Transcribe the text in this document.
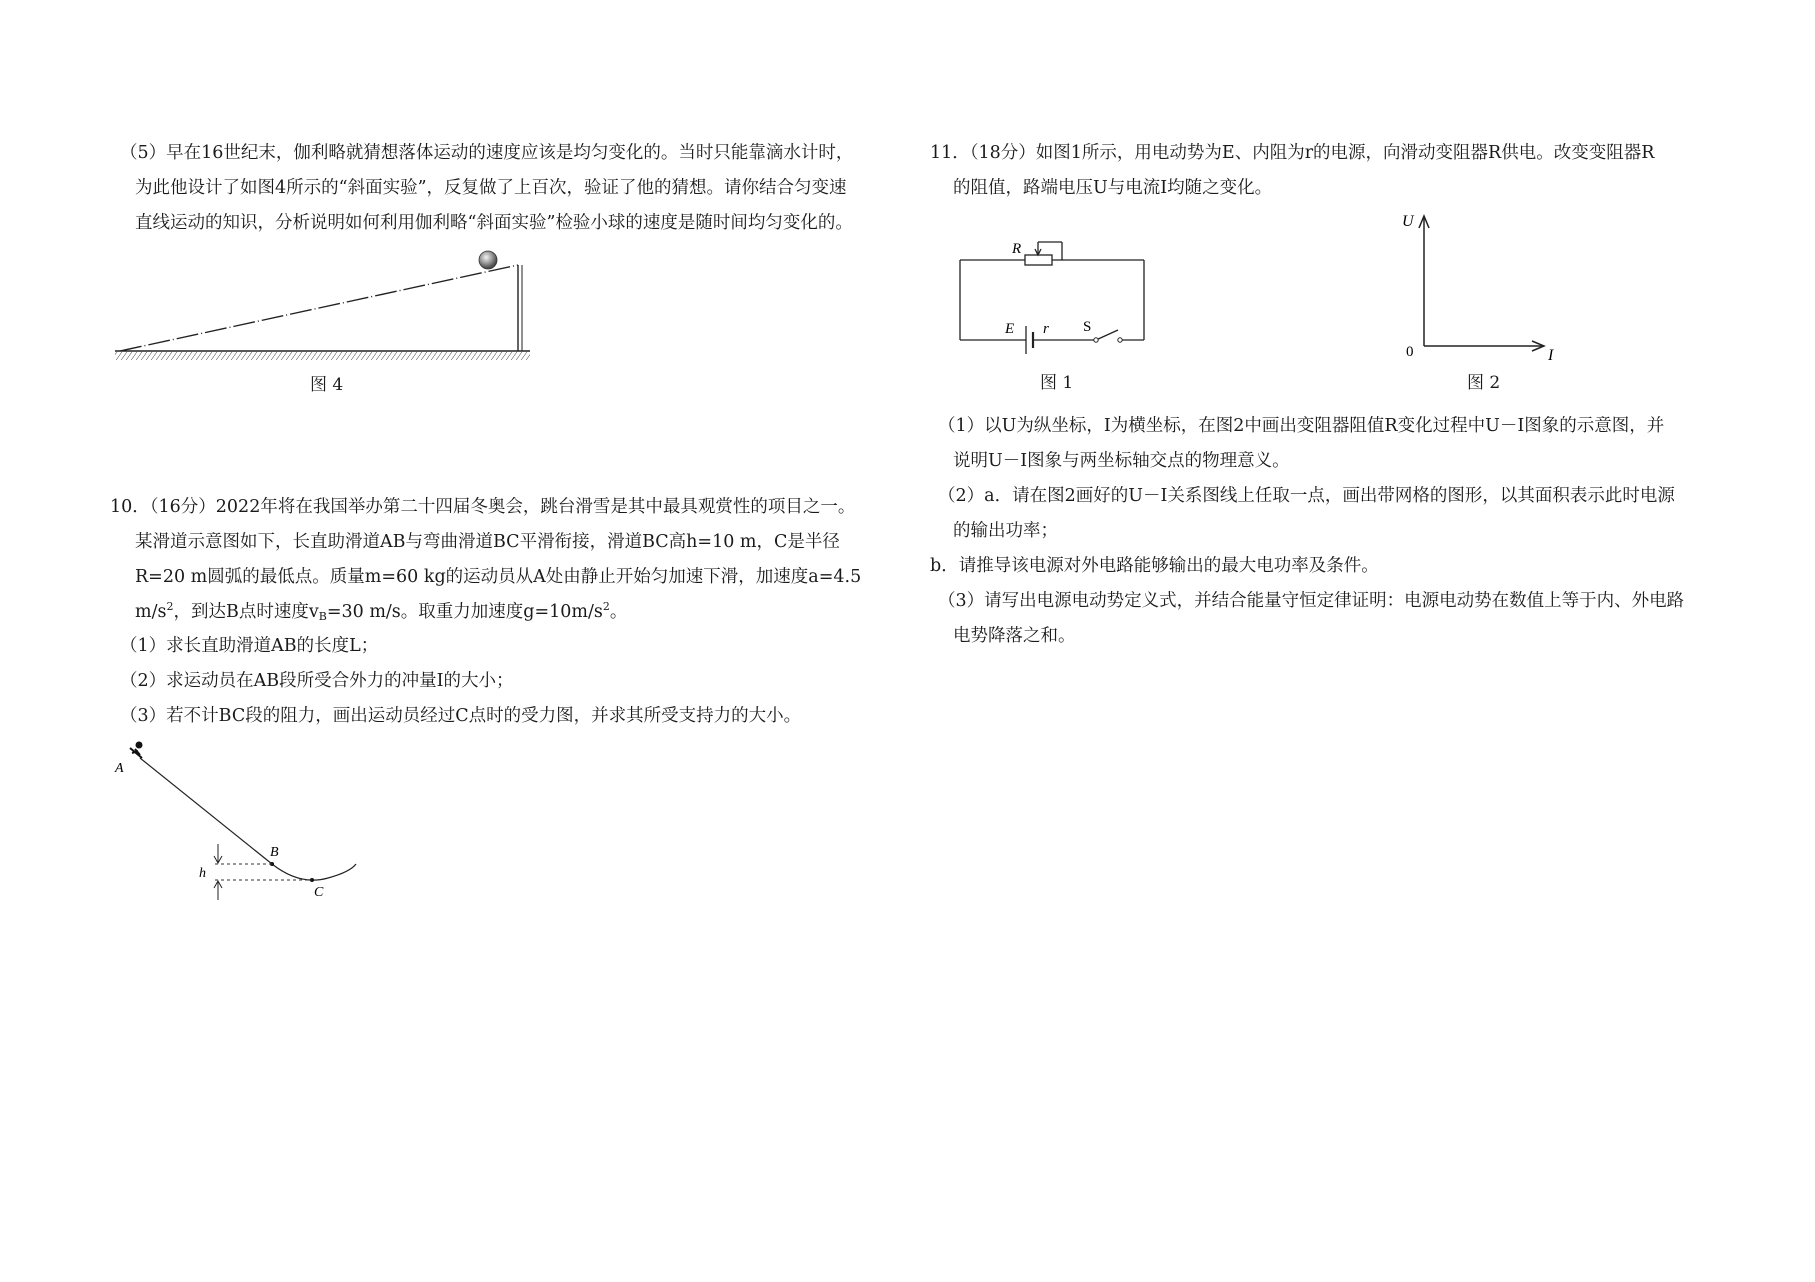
（5）早在16世纪末，伽利略就猜想落体运动的速度应该是均匀变化的。当时只能靠滴水计时，
为此他设计了如图4所示的“斜面实验”，反复做了上百次，验证了他的猜想。请你结合匀变速
直线运动的知识，分析说明如何利用伽利略“斜面实验”检验小球的速度是随时间均匀变化的。
图 4
10．（16分）2022年将在我国举办第二十四届冬奥会，跳台滑雪是其中最具观赏性的项目之一。
某滑道示意图如下，长直助滑道AB与弯曲滑道BC平滑衔接，滑道BC高h=10 m，C是半径
R=20 m圆弧的最低点。质量m=60 kg的运动员从A处由静止开始匀加速下滑，加速度a=4.5
$m/s^2$，到达B点时速度$v_B=30$ m/s。取重力加速度$g=10m/s^2$。
（1）求长直助滑道AB的长度L；
（2）求运动员在AB段所受合外力的冲量I的大小；
（3）若不计BC段的阻力，画出运动员经过C点时的受力图，并求其所受支持力的大小。
A
B
C
h
11．（18分）如图1所示，用电动势为E、内阻为r的电源，向滑动变阻器R供电。改变变阻器R
的阻值，路端电压U与电流I均随之变化。
R
E r S
图 1
U
0	I
图 2
（1）以U为纵坐标，I为横坐标，在图2中画出变阻器阻值R变化过程中U－I图象的示意图，并
说明U－I图象与两坐标轴交点的物理意义。
（2）a．请在图2画好的U－I关系图线上任取一点，画出带网格的图形，以其面积表示此时电源
的输出功率；
b．请推导该电源对外电路能够输出的最大电功率及条件。
（3）请写出电源电动势定义式，并结合能量守恒定律证明：电源电动势在数值上等于内、外电路
电势降落之和。
